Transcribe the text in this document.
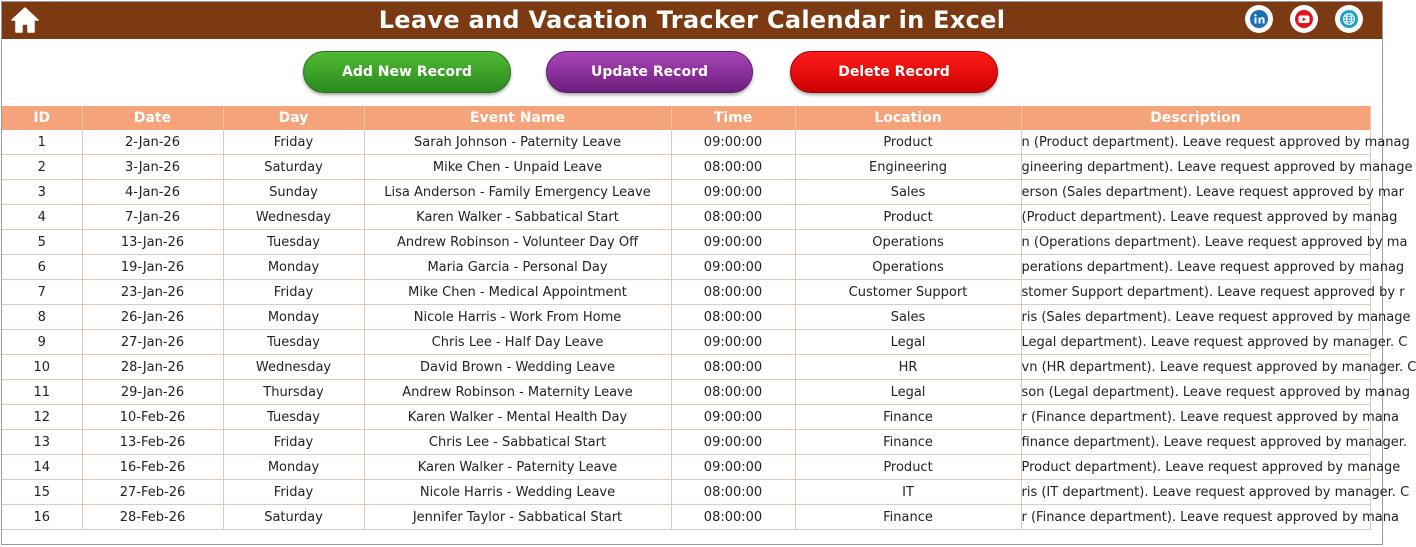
Leave and Vacation Tracker Calendar in Excel
Add New Record	Update Record	Delete Record
ID	Date	Day	Event Name	Time	Location	Description
1	2-Jan-26	Friday	Sarah Johnson - Paternity Leave	09:00:00	Product	n (Product department). Leave request approved by manag
2	3-Jan-26	Saturday	Mike Chen - Unpaid Leave	08:00:00	Engineering	gineering department). Leave request approved by manage
3	4-Jan-26	Sunday	Lisa Anderson - Family Emergency Leave	09:00:00	Sales	erson (Sales department). Leave request approved by mar
4	7-Jan-26	Wednesday	Karen Walker - Sabbatical Start	08:00:00	Product	(Product department). Leave request approved by manag
5	13-Jan-26	Tuesday	Andrew Robinson - Volunteer Day Off	09:00:00	Operations	n (Operations department). Leave request approved by ma
6	19-Jan-26	Monday	Maria Garcia - Personal Day	09:00:00	Operations	perations department). Leave request approved by manag
7	23-Jan-26	Friday	Mike Chen - Medical Appointment	08:00:00	Customer Support	stomer Support department). Leave request approved by r
8	26-Jan-26	Monday	Nicole Harris - Work From Home	08:00:00	Sales	ris (Sales department). Leave request approved by manage
9	27-Jan-26	Tuesday	Chris Lee - Half Day Leave	09:00:00	Legal	Legal department). Leave request approved by manager. C
10	28-Jan-26	Wednesday	David Brown - Wedding Leave	08:00:00	HR	vn (HR department). Leave request approved by manager. C
11	29-Jan-26	Thursday	Andrew Robinson - Maternity Leave	08:00:00	Legal	son (Legal department). Leave request approved by manag
12	10-Feb-26	Tuesday	Karen Walker - Mental Health Day	09:00:00	Finance	r (Finance department). Leave request approved by mana
13	13-Feb-26	Friday	Chris Lee - Sabbatical Start	09:00:00	Finance	finance department). Leave request approved by manager.
14	16-Feb-26	Monday	Karen Walker - Paternity Leave	09:00:00	Product	Product department). Leave request approved by manage
15	27-Feb-26	Friday	Nicole Harris - Wedding Leave	08:00:00	IT	ris (IT department). Leave request approved by manager. C
16	28-Feb-26	Saturday	Jennifer Taylor - Sabbatical Start	08:00:00	Finance	r (Finance department). Leave request approved by mana
